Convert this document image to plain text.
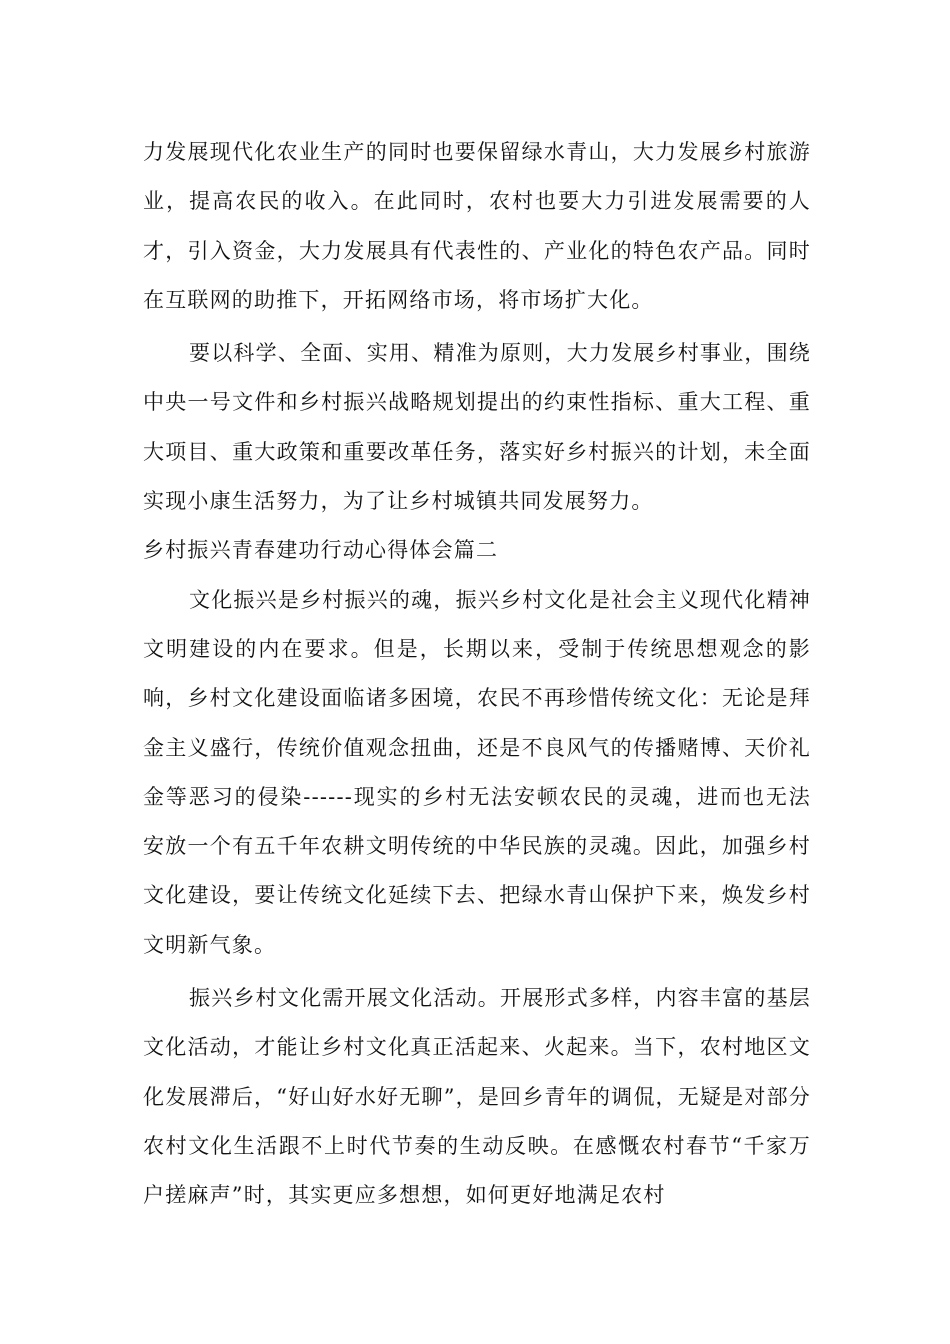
力发展现代化农业生产的同时也要保留绿水青山，大力发展乡村旅游业，提高农民的收入。在此同时，农村也要大力引进发展需要的人才，引入资金，大力发展具有代表性的、产业化的特色农产品。同时在互联网的助推下，开拓网络市场，将市场扩大化。

要以科学、全面、实用、精准为原则，大力发展乡村事业，围绕中央一号文件和乡村振兴战略规划提出的约束性指标、重大工程、重大项目、重大政策和重要改革任务，落实好乡村振兴的计划，未全面实现小康生活努力，为了让乡村城镇共同发展努力。

乡村振兴青春建功行动心得体会篇二

文化振兴是乡村振兴的魂，振兴乡村文化是社会主义现代化精神文明建设的内在要求。但是，长期以来，受制于传统思想观念的影响，乡村文化建设面临诸多困境，农民不再珍惜传统文化：无论是拜金主义盛行，传统价值观念扭曲，还是不良风气的传播赌博、天价礼金等恶习的侵染------现实的乡村无法安顿农民的灵魂，进而也无法安放一个有五千年农耕文明传统的中华民族的灵魂。因此，加强乡村文化建设，要让传统文化延续下去、把绿水青山保护下来，焕发乡村文明新气象。

振兴乡村文化需开展文化活动。开展形式多样，内容丰富的基层文化活动，才能让乡村文化真正活起来、火起来。当下，农村地区文化发展滞后，“好山好水好无聊”，是回乡青年的调侃，无疑是对部分农村文化生活跟不上时代节奏的生动反映。在感慨农村春节“千家万户搓麻声”时，其实更应多想想，如何更好地满足农村
